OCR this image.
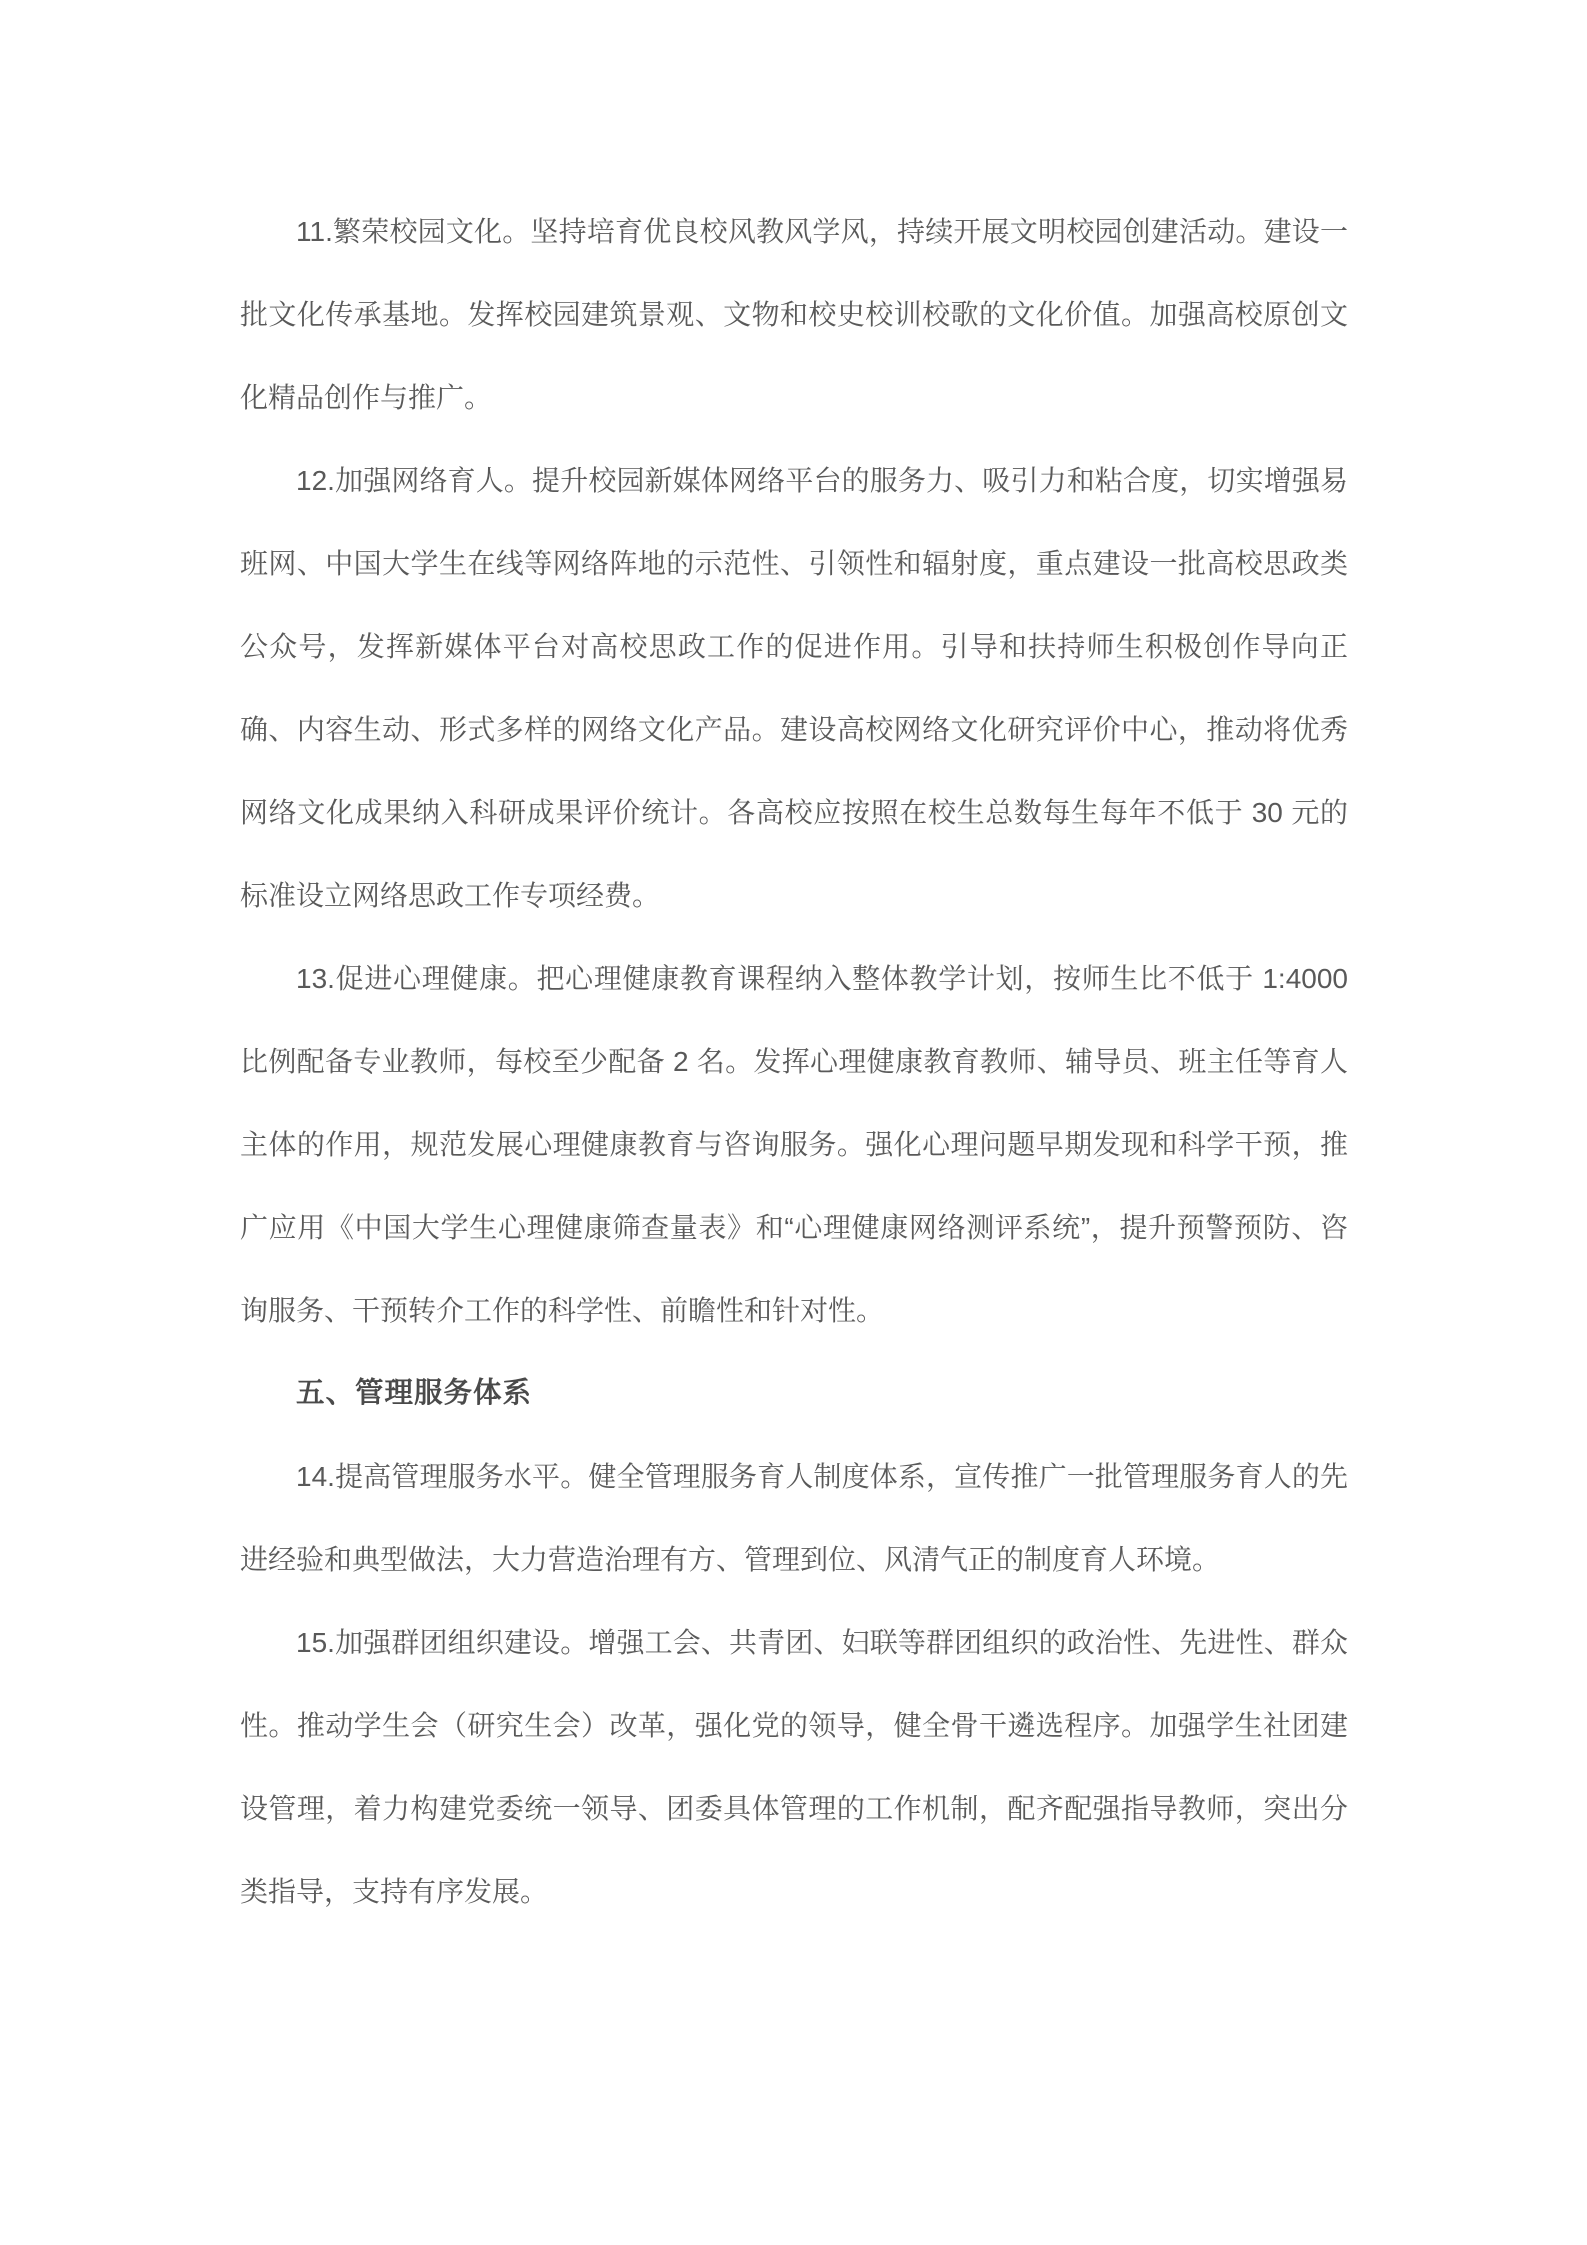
11.繁荣校园文化。坚持培育优良校风教风学风，持续开展文明校园创建活动。建设一批文化传承基地。发挥校园建筑景观、文物和校史校训校歌的文化价值。加强高校原创文化精品创作与推广。

12.加强网络育人。提升校园新媒体网络平台的服务力、吸引力和粘合度，切实增强易班网、中国大学生在线等网络阵地的示范性、引领性和辐射度，重点建设一批高校思政类公众号，发挥新媒体平台对高校思政工作的促进作用。引导和扶持师生积极创作导向正确、内容生动、形式多样的网络文化产品。建设高校网络文化研究评价中心，推动将优秀网络文化成果纳入科研成果评价统计。各高校应按照在校生总数每生每年不低于 30 元的标准设立网络思政工作专项经费。

13.促进心理健康。把心理健康教育课程纳入整体教学计划，按师生比不低于 1:4000 比例配备专业教师，每校至少配备 2 名。发挥心理健康教育教师、辅导员、班主任等育人主体的作用，规范发展心理健康教育与咨询服务。强化心理问题早期发现和科学干预，推广应用《中国大学生心理健康筛查量表》和“心理健康网络测评系统”，提升预警预防、咨询服务、干预转介工作的科学性、前瞻性和针对性。

五、管理服务体系

14.提高管理服务水平。健全管理服务育人制度体系，宣传推广一批管理服务育人的先进经验和典型做法，大力营造治理有方、管理到位、风清气正的制度育人环境。

15.加强群团组织建设。增强工会、共青团、妇联等群团组织的政治性、先进性、群众性。推动学生会（研究生会）改革，强化党的领导，健全骨干遴选程序。加强学生社团建设管理，着力构建党委统一领导、团委具体管理的工作机制，配齐配强指导教师，突出分类指导，支持有序发展。
